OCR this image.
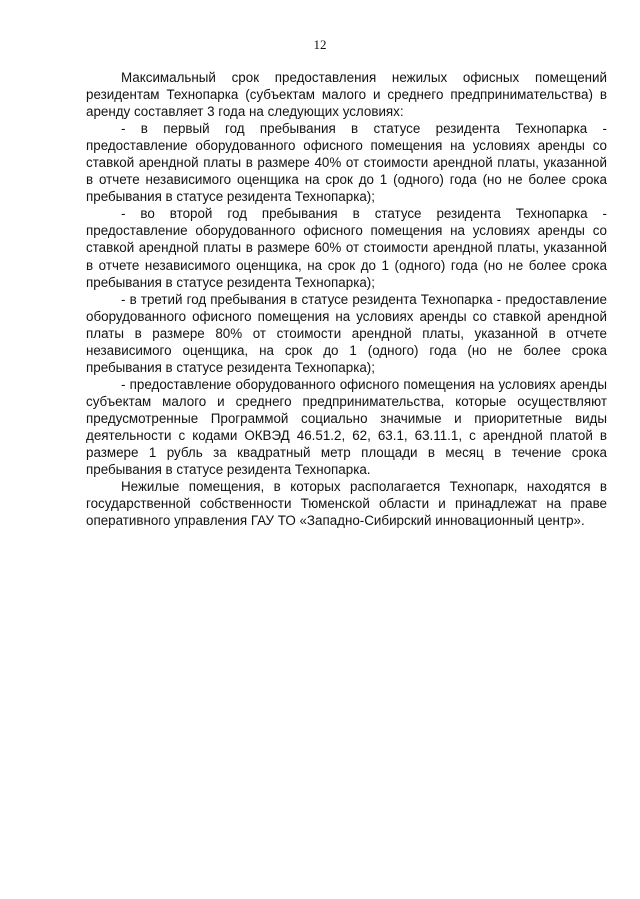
12

Максимальный срок предоставления нежилых офисных помещений резидентам Технопарка (субъектам малого и среднего предпринимательства) в аренду составляет 3 года на следующих условиях:

- в первый год пребывания в статусе резидента Технопарка - предоставление оборудованного офисного помещения на условиях аренды со ставкой арендной платы в размере 40% от стоимости арендной платы, указанной в отчете независимого оценщика на срок до 1 (одного) года (но не более срока пребывания в статусе резидента Технопарка);

- во второй год пребывания в статусе резидента Технопарка - предоставление оборудованного офисного помещения на условиях аренды со ставкой арендной платы в размере 60% от стоимости арендной платы, указанной в отчете независимого оценщика, на срок до 1 (одного) года (но не более срока пребывания в статусе резидента Технопарка);

- в третий год пребывания в статусе резидента Технопарка - предоставление оборудованного офисного помещения на условиях аренды со ставкой арендной платы в размере 80% от стоимости арендной платы, указанной в отчете независимого оценщика, на срок до 1 (одного) года (но не более срока пребывания в статусе резидента Технопарка);

- предоставление оборудованного офисного помещения на условиях аренды субъектам малого и среднего предпринимательства, которые осуществляют предусмотренные Программой социально значимые и приоритетные виды деятельности с кодами ОКВЭД 46.51.2, 62, 63.1, 63.11.1, с арендной платой в размере 1 рубль за квадратный метр площади в месяц в течение срока пребывания в статусе резидента Технопарка.

Нежилые помещения, в которых располагается Технопарк, находятся в государственной собственности Тюменской области и принадлежат на праве оперативного управления ГАУ ТО «Западно-Сибирский инновационный центр».
